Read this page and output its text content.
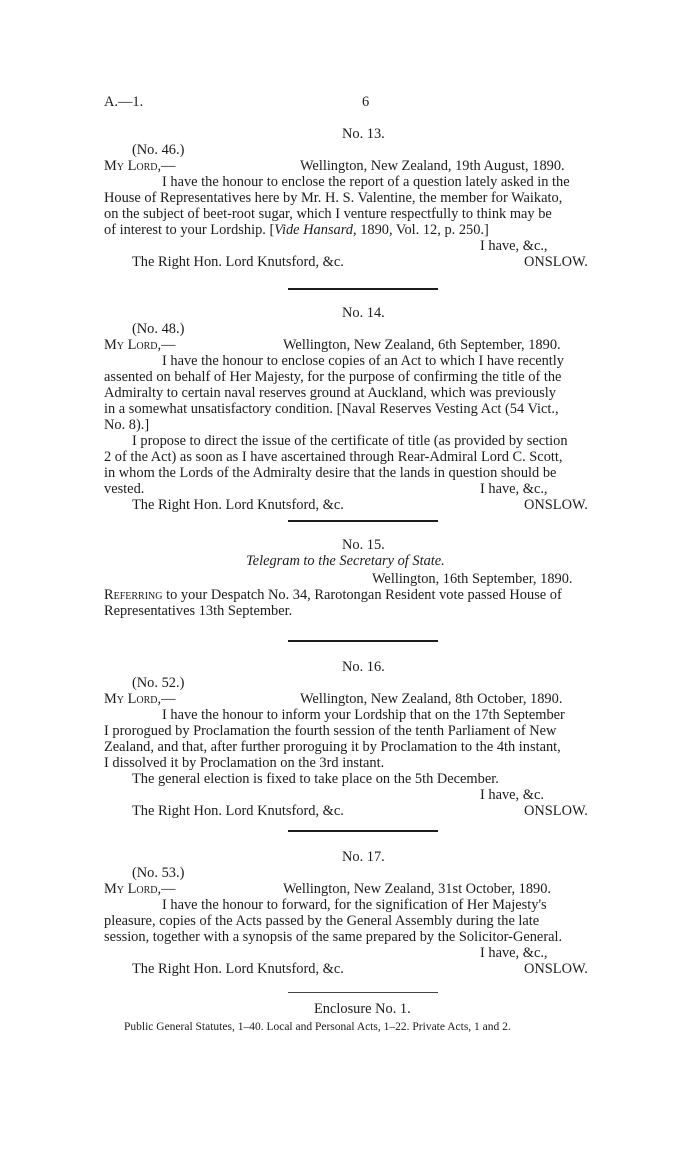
A.—1.	6
No. 13.
(No. 46.)
My Lord,—	Wellington, New Zealand, 19th August, 1890.
I have the honour to enclose the report of a question lately asked in the
House of Representatives here by Mr. H. S. Valentine, the member for Waikato,
on the subject of beet-root sugar, which I venture respectfully to think may be
of interest to your Lordship. [Vide Hansard, 1890, Vol. 12, p. 250.]
I have, &c.,
The Right Hon. Lord Knutsford, &c.	ONSLOW.
No. 14.
(No. 48.)
My Lord,—	Wellington, New Zealand, 6th September, 1890.
I have the honour to enclose copies of an Act to which I have recently
assented on behalf of Her Majesty, for the purpose of confirming the title of the
Admiralty to certain naval reserves ground at Auckland, which was previously
in a somewhat unsatisfactory condition. [Naval Reserves Vesting Act (54 Vict.,
No. 8).]
I propose to direct the issue of the certificate of title (as provided by section
2 of the Act) as soon as I have ascertained through Rear-Admiral Lord C. Scott,
in whom the Lords of the Admiralty desire that the lands in question should be
vested.	I have, &c.,
The Right Hon. Lord Knutsford, &c.	ONSLOW.
No. 15.
Telegram to the Secretary of State.
Wellington, 16th September, 1890.
Referring to your Despatch No. 34, Rarotongan Resident vote passed House of
Representatives 13th September.
No. 16.
(No. 52.)
My Lord,—	Wellington, New Zealand, 8th October, 1890.
I have the honour to inform your Lordship that on the 17th September
I prorogued by Proclamation the fourth session of the tenth Parliament of New
Zealand, and that, after further proroguing it by Proclamation to the 4th instant,
I dissolved it by Proclamation on the 3rd instant.
The general election is fixed to take place on the 5th December.
I have, &c.
The Right Hon. Lord Knutsford, &c.	ONSLOW.
No. 17.
(No. 53.)
My Lord,—	Wellington, New Zealand, 31st October, 1890.
I have the honour to forward, for the signification of Her Majesty's
pleasure, copies of the Acts passed by the General Assembly during the late
session, together with a synopsis of the same prepared by the Solicitor-General.
I have, &c.,
The Right Hon. Lord Knutsford, &c.	ONSLOW.
Enclosure No. 1.
Public General Statutes, 1–40. Local and Personal Acts, 1–22. Private Acts, 1 and 2.
